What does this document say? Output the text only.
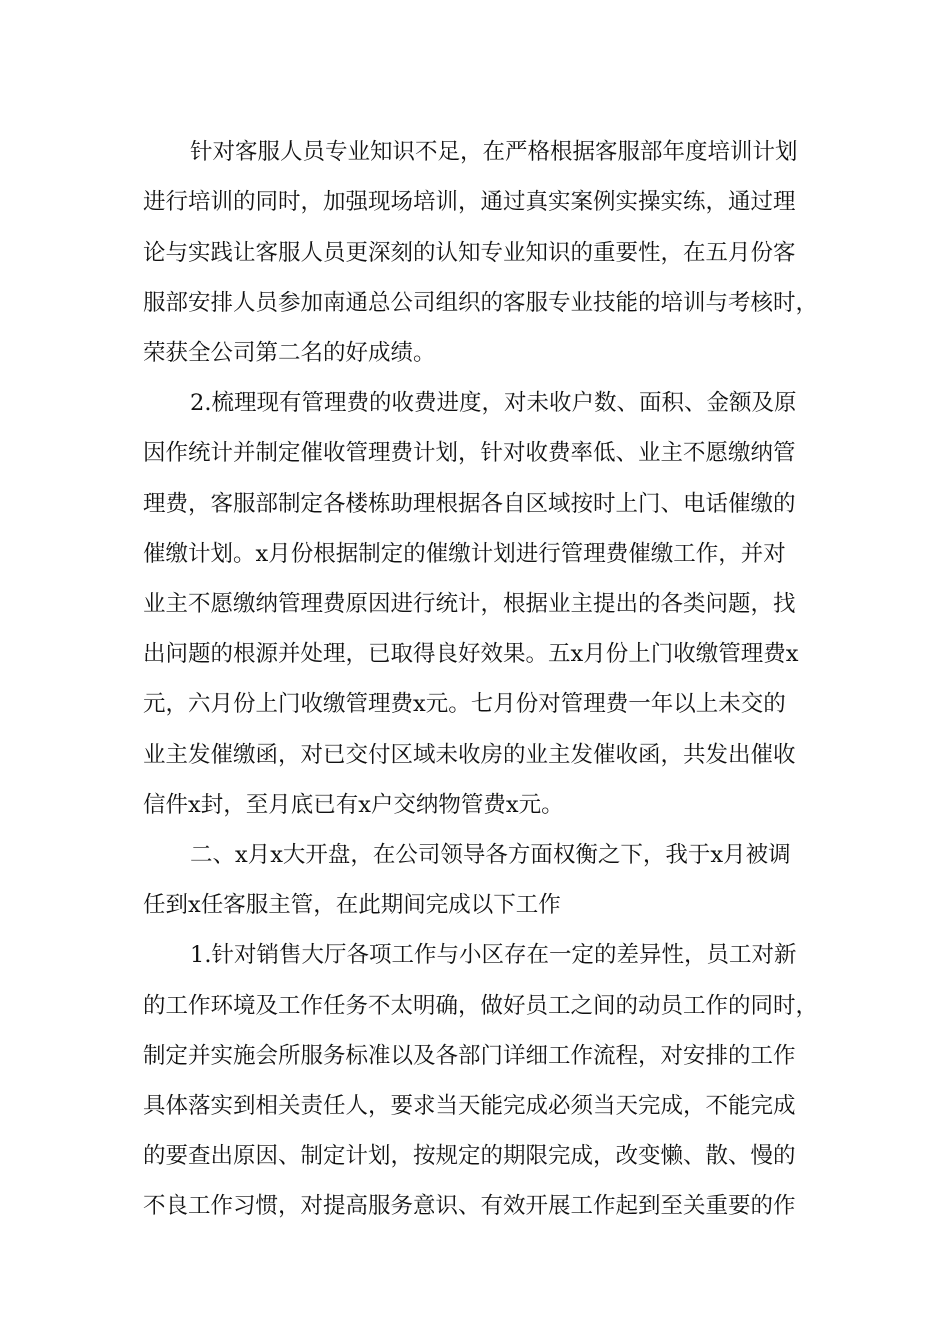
针对客服人员专业知识不足，在严格根据客服部年度培训计划
进行培训的同时，加强现场培训，通过真实案例实操实练，通过理
论与实践让客服人员更深刻的认知专业知识的重要性，在五月份客
服部安排人员参加南通总公司组织的客服专业技能的培训与考核时，
荣获全公司第二名的好成绩。
2.梳理现有管理费的收费进度，对未收户数、面积、金额及原
因作统计并制定催收管理费计划，针对收费率低、业主不愿缴纳管
理费，客服部制定各楼栋助理根据各自区域按时上门、电话催缴的
催缴计划。x月份根据制定的催缴计划进行管理费催缴工作，并对
业主不愿缴纳管理费原因进行统计，根据业主提出的各类问题，找
出问题的根源并处理，已取得良好效果。五x月份上门收缴管理费x
元，六月份上门收缴管理费x元。七月份对管理费一年以上未交的
业主发催缴函，对已交付区域未收房的业主发催收函，共发出催收
信件x封，至月底已有x户交纳物管费x元。
二、x月x大开盘，在公司领导各方面权衡之下，我于x月被调
任到x任客服主管，在此期间完成以下工作
1.针对销售大厅各项工作与小区存在一定的差异性，员工对新
的工作环境及工作任务不太明确，做好员工之间的动员工作的同时，
制定并实施会所服务标准以及各部门详细工作流程，对安排的工作
具体落实到相关责任人，要求当天能完成必须当天完成，不能完成
的要查出原因、制定计划，按规定的期限完成，改变懒、散、慢的
不良工作习惯，对提高服务意识、有效开展工作起到至关重要的作
